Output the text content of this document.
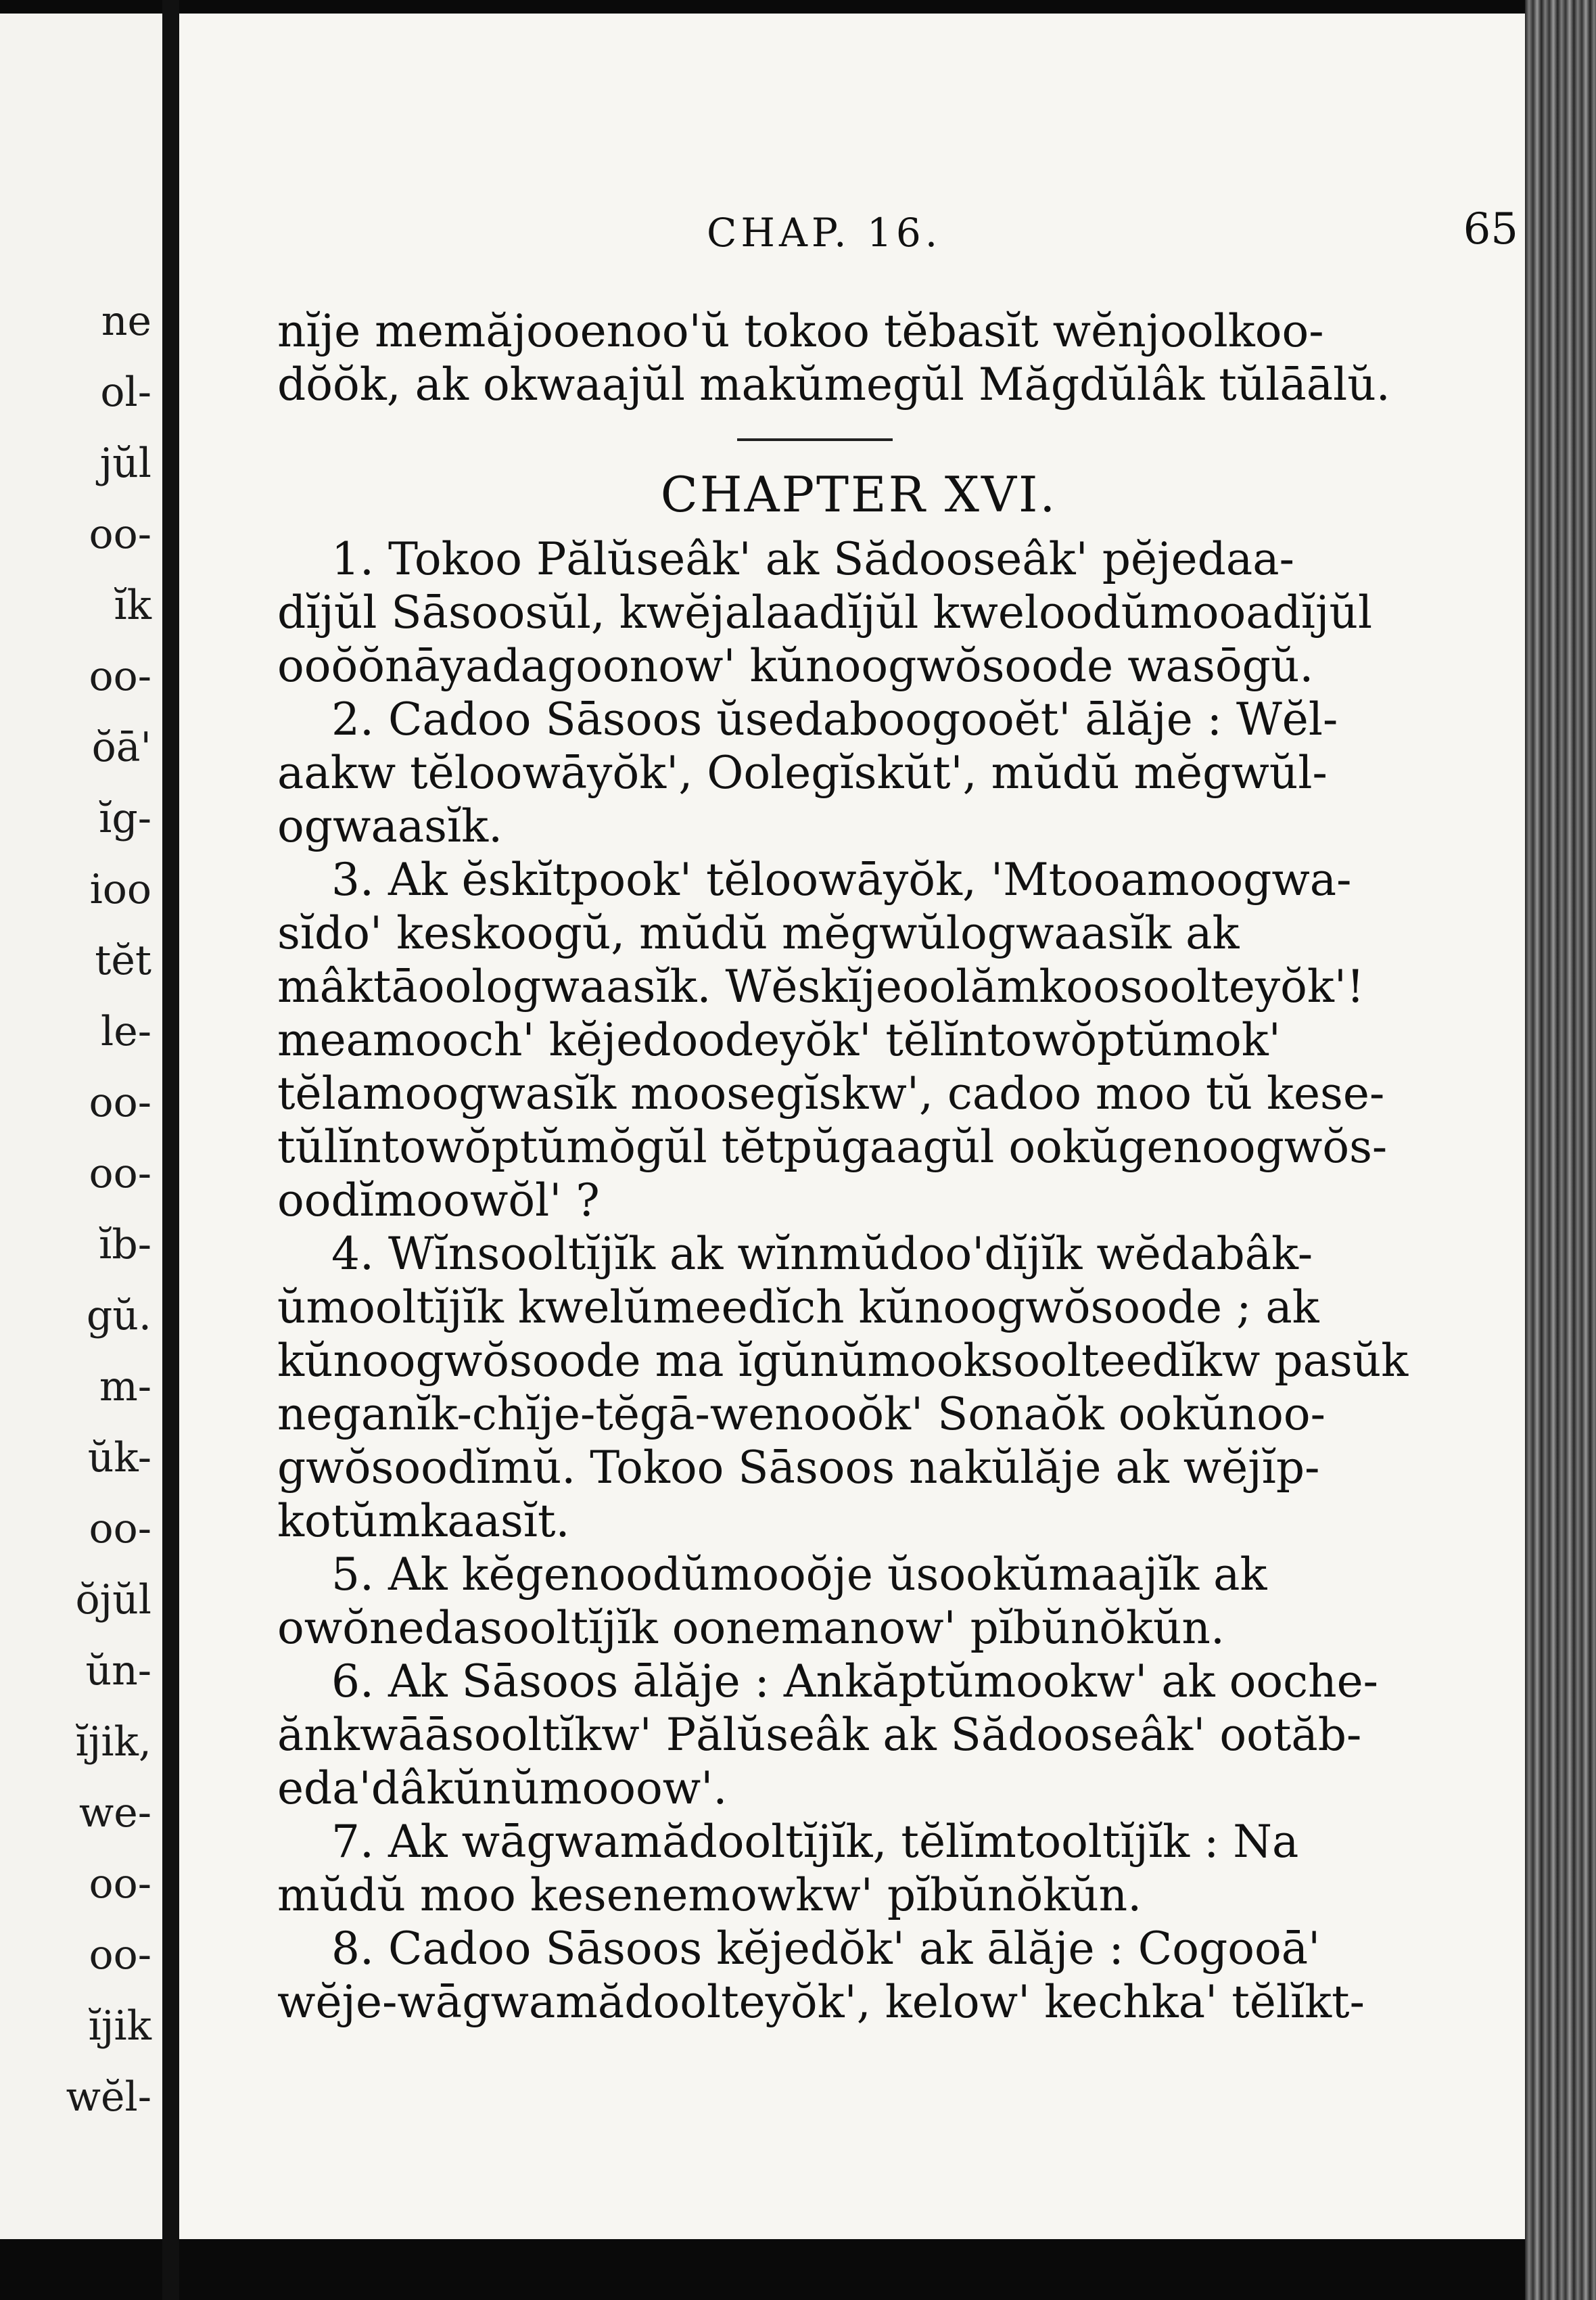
ne
ol-
jŭl
oo-
ĭk
oo-
ŏā'
ĭg-
ioo
tĕt
le-
oo-
oo-
ĭb-
gŭ.
m-
ŭk-
oo-
ŏjŭl
ŭn-
ĭjik,
we-
oo-
oo-
ĭjik
wĕl-
CHAP. 16.	65
nĭje memăjooenoo'ŭ tokoo tĕbasĭt wĕnjoolkoo-
dŏŏk, ak okwaajŭl makŭmegŭl Măgdŭlâk tŭlāālŭ.
CHAPTER XVI.
1. Tokoo Pălŭseâk' ak Sădooseâk' pĕjedaa-
dĭjŭl Sāsoosŭl, kwĕjalaadĭjŭl kweloodŭmooadĭjŭl
ooŏŏnāyadagoonow' kŭnoogwŏsoode wasōgŭ.
2. Cadoo Sāsoos ŭsedaboogooĕt' ālăje : Wĕl-
aakw tĕloowāyŏk', Oolegĭskŭt', mŭdŭ mĕgwŭl-
ogwaasĭk.
3. Ak ĕskĭtpook' tĕloowāyŏk, 'Mtooamoogwa-
sĭdo' keskoogŭ, mŭdŭ mĕgwŭlogwaasĭk ak
mâktāoologwaasĭk. Wĕskĭjeoolămkoosoolteyŏk'!
meamooch' kĕjedoodeyŏk' tĕlĭntowŏptŭmok'
tĕlamoogwasĭk moosegĭskw', cadoo moo tŭ kese-
tŭlĭntowŏptŭmŏgŭl tĕtpŭgaagŭl ookŭgenoogwŏs-
oodĭmoowŏl' ?
4. Wĭnsooltĭjĭk ak wĭnmŭdoo'dĭjĭk wĕdabâk-
ŭmooltĭjĭk kwelŭmeedĭch kŭnoogwŏsoode ; ak
kŭnoogwŏsoode ma ĭgŭnŭmooksoolteedĭkw pasŭk
neganĭk-chĭje-tĕgā-wenooŏk' Sonaŏk ookŭnoo-
gwŏsoodĭmŭ. Tokoo Sāsoos nakŭlăje ak wĕjĭp-
kotŭmkaasĭt.
5. Ak kĕgenoodŭmooŏje ŭsookŭmaajĭk ak
owŏnedasooltĭjĭk oonemanow' pĭbŭnŏkŭn.
6. Ak Sāsoos ālăje : Ankăptŭmookw' ak ooche-
ănkwāāsooltĭkw' Pălŭseâk ak Sădooseâk' ootăb-
eda'dâkŭnŭmooow'.
7. Ak wāgwamădooltĭjĭk, tĕlĭmtooltĭjĭk : Na
mŭdŭ moo kesenemowkw' pĭbŭnŏkŭn.
8. Cadoo Sāsoos kĕjedŏk' ak ālăje : Cogooā'
wĕje-wāgwamădoolteyŏk', kelow' kechka' tĕlĭkt-
